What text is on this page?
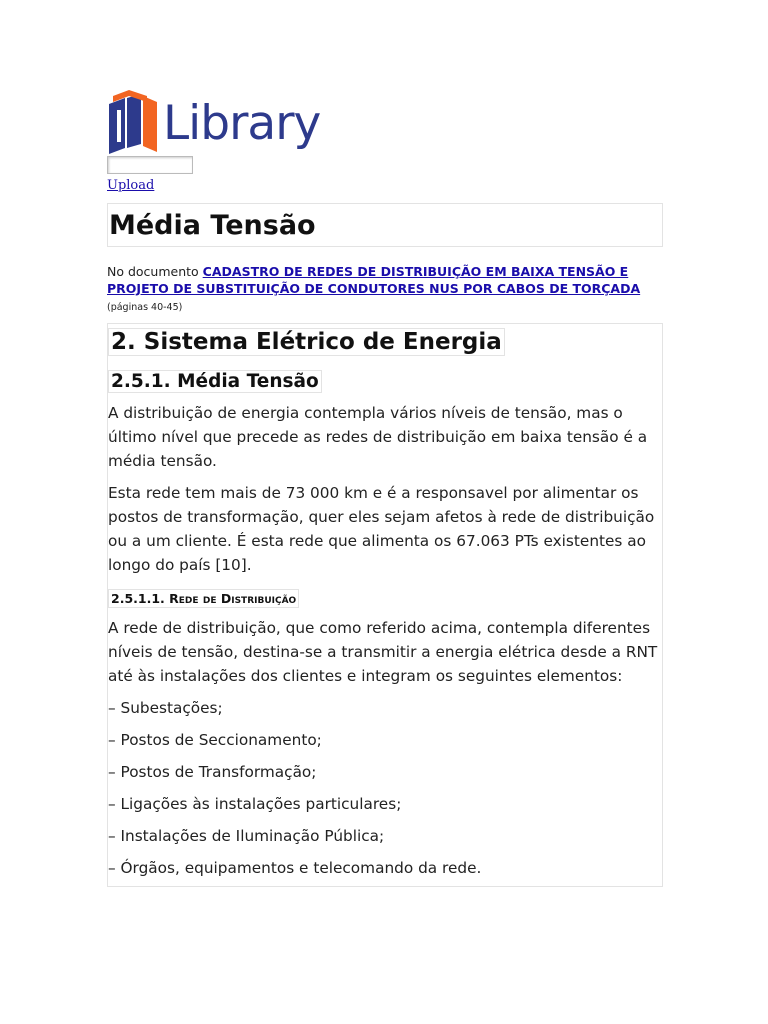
Library
Upload
Média Tensão
No documento CADASTRO DE REDES DE DISTRIBUIÇÃO EM BAIXA TENSÃO E PROJETO DE SUBSTITUIÇÃO DE CONDUTORES NUS POR CABOS DE TORÇADA (páginas 40-45)
2. Sistema Elétrico de Energia
2.5.1. Média Tensão

A distribuição de energia contempla vários níveis de tensão, mas o último nível que precede as redes de distribuição em baixa tensão é a média tensão.

Esta rede tem mais de 73 000 km e é a responsavel por alimentar os postos de transformação, quer eles sejam afetos à rede de distribuição ou a um cliente. É esta rede que alimenta os 67.063 PTs existentes ao longo do país [10].

2.5.1.1. Rede de Distribuição

A rede de distribuição, que como referido acima, contempla diferentes níveis de tensão, destina-se a transmitir a energia elétrica desde a RNT até às instalações dos clientes e integram os seguintes elementos:

– Subestações;
– Postos de Seccionamento;
– Postos de Transformação;
– Ligações às instalações particulares;
– Instalações de Iluminação Pública;
– Órgãos, equipamentos e telecomando da rede.
